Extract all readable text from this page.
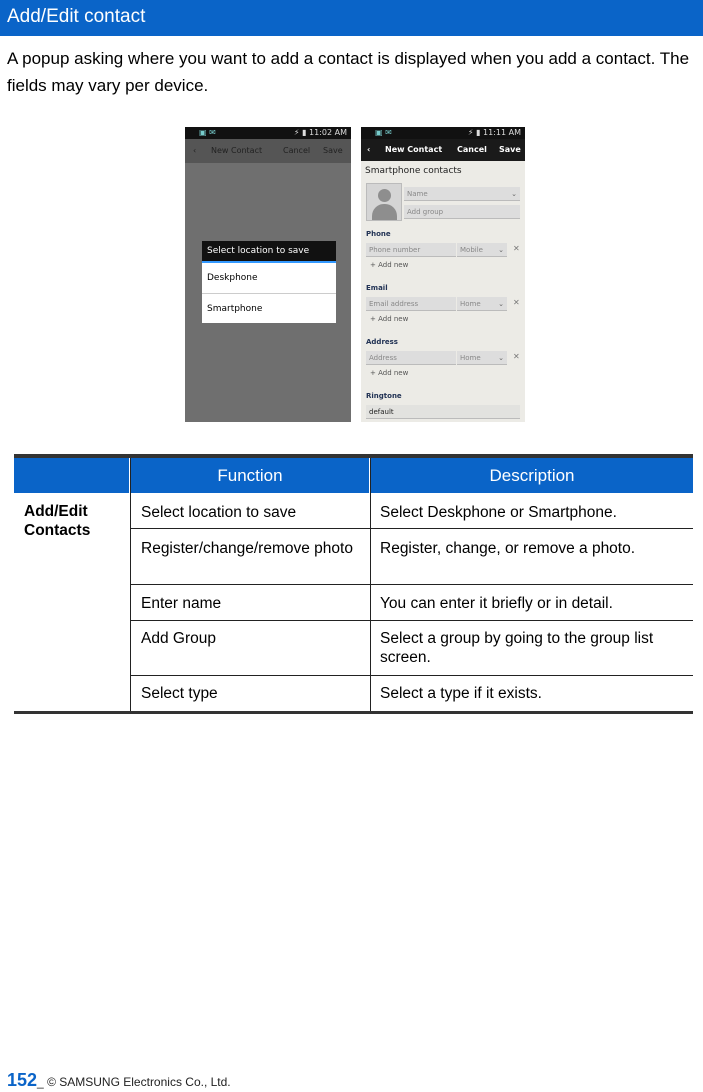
Add/Edit contact

A popup asking where you want to add a contact is displayed when you add a contact. The fields may vary per device.

▣ ✉	⚡ ▮ 11:02 AM
‹ New Contact	Cancel Save
Select location to save
Deskphone
Smartphone
▣ ✉	⚡ ▮ 11:11 AM
‹ New Contact Cancel Save
Smartphone contacts
Name	⌄
Add group
Phone
Phone number	Mobile ⌄ ✕
+ Add new
Email
Email address	Home ⌄ ✕
+ Add new
Address
Address	Home ⌄ ✕
+ Add new
Ringtone
default
Function	Description
Add/Edit Contacts
Select location to save	Select Deskphone or Smartphone.
Register/change/remove photo	Register, change, or remove a photo.
Enter name	You can enter it briefly or in detail.
Add Group	Select a group by going to the group list screen.
Select type	Select a type if it exists.
152_ © SAMSUNG Electronics Co., Ltd.
